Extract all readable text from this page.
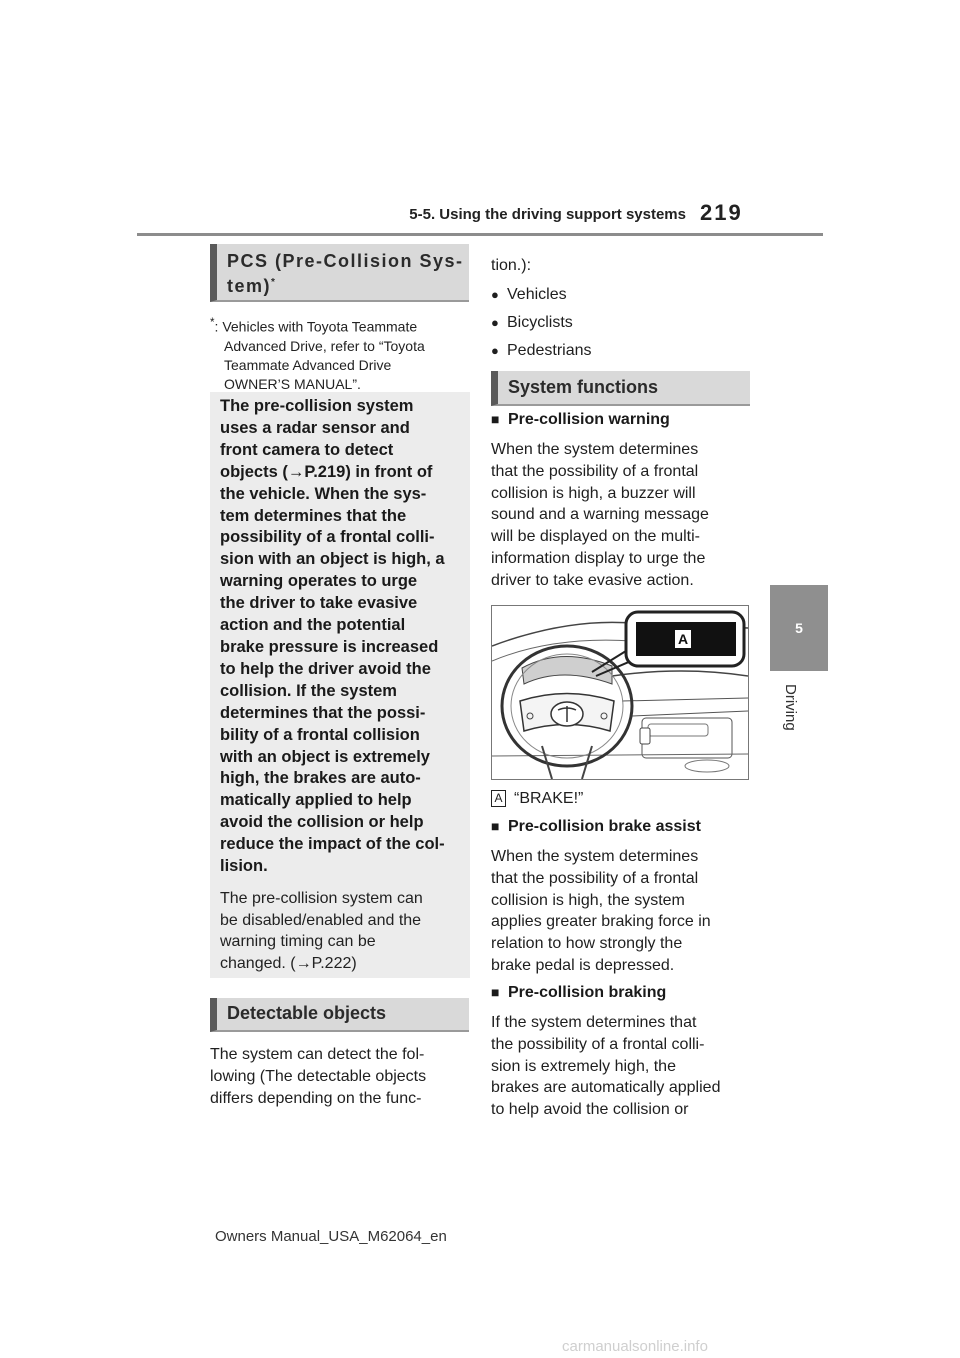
5-5. Using the driving support systems 219
5
Driving
PCS (Pre-Collision Sys-
tem)*
*: Vehicles with Toyota Teammate
Advanced Drive, refer to “Toyota
Teammate Advanced Drive
OWNER’S MANUAL”.
The pre-collision system
uses a radar sensor and
front camera to detect
objects (→P.219) in front of
the vehicle. When the sys-
tem determines that the
possibility of a frontal colli-
sion with an object is high, a
warning operates to urge
the driver to take evasive
action and the potential
brake pressure is increased
to help the driver avoid the
collision. If the system
determines that the possi-
bility of a frontal collision
with an object is extremely
high, the brakes are auto-
matically applied to help
avoid the collision or help
reduce the impact of the col-
lision.
The pre-collision system can
be disabled/enabled and the
warning timing can be
changed. (→P.222)
Detectable objects
The system can detect the fol-
lowing (The detectable objects
differs depending on the func-
tion.):
● Vehicles
● Bicyclists
● Pedestrians
System functions
■ Pre-collision warning
When the system determines
that the possibility of a frontal
collision is high, a buzzer will
sound and a warning message
will be displayed on the multi-
information display to urge the
driver to take evasive action.
A
A “BRAKE!”
■ Pre-collision brake assist
When the system determines
that the possibility of a frontal
collision is high, the system
applies greater braking force in
relation to how strongly the
brake pedal is depressed.
■ Pre-collision braking
If the system determines that
the possibility of a frontal colli-
sion is extremely high, the
brakes are automatically applied
to help avoid the collision or
Owners Manual_USA_M62064_en
carmanualsonline.info
